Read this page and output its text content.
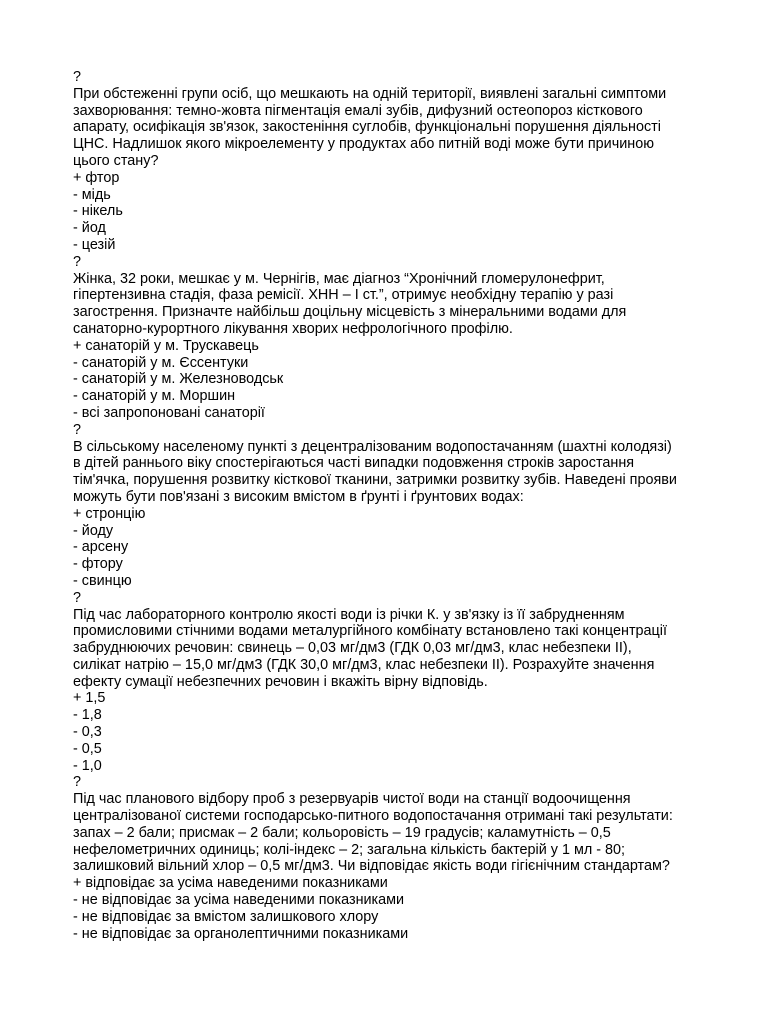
?
При обстеженні групи осіб, що мешкають на одній території, виявлені загальні симптоми
захворювання: темно-жовта пігментація емалі зубів, дифузний остеопороз кісткового
апарату, осифікація зв'язок, закостеніння суглобів, функціональні порушення діяльності
ЦНС. Надлишок якого мікроелементу у продуктах або питній воді може бути причиною
цього стану?
+ фтор
- мідь
- нікель
- йод
- цезій
?
Жінка, 32 роки, мешкає у м. Чернігів, має діагноз “Хронічний гломерулонефрит,
гіпертензивна стадія, фаза ремісії. ХНН – І ст.”, отримує необхідну терапію у разі
загострення. Призначте найбільш доцільну місцевість з мінеральними водами для
санаторно-курортного лікування хворих нефрологічного профілю.
+ санаторій у м. Трускавець
- санаторій у м. Єссентуки
- санаторій у м. Железноводськ
- санаторій у м. Моршин
- всі запропоновані санаторії
?
В сільському населеному пункті з децентралізованим водопостачанням (шахтні колодязі)
в дітей раннього віку спостерігаються часті випадки подовження строків заростання
тім'ячка, порушення розвитку кісткової тканини, затримки розвитку зубів. Наведені прояви
можуть бути пов'язані з високим вмістом в ґрунті і ґрунтових водах:
+ стронцію
- йоду
- арсену
- фтору
- свинцю
?
Під час лабораторного контролю якості води із річки К. у зв'язку із її забрудненням
промисловими стічними водами металургійного комбінату встановлено такі концентрації
забруднюючих речовин: свинець – 0,03 мг/дм3 (ГДК 0,03 мг/дм3, клас небезпеки ІІ),
силікат натрію – 15,0 мг/дм3 (ГДК 30,0 мг/дм3, клас небезпеки ІІ). Розрахуйте значення
ефекту сумації небезпечних речовин і вкажіть вірну відповідь.
+ 1,5
- 1,8
- 0,3
- 0,5
- 1,0
?
Під час планового відбору проб з резервуарів чистої води на станції водоочищення
централізованої системи господарсько-питного водопостачання отримані такі результати:
запах – 2 бали; присмак – 2 бали; кольоровість – 19 градусів; каламутність – 0,5
нефелометричних одиниць; колі-індекс – 2; загальна кількість бактерій у 1 мл - 80;
залишковий вільний хлор – 0,5 мг/дм3. Чи відповідає якість води гігієнічним стандартам?
+ відповідає за усіма наведеними показниками
- не відповідає за усіма наведеними показниками
- не відповідає за вмістом залишкового хлору
- не відповідає за органолептичними показниками
